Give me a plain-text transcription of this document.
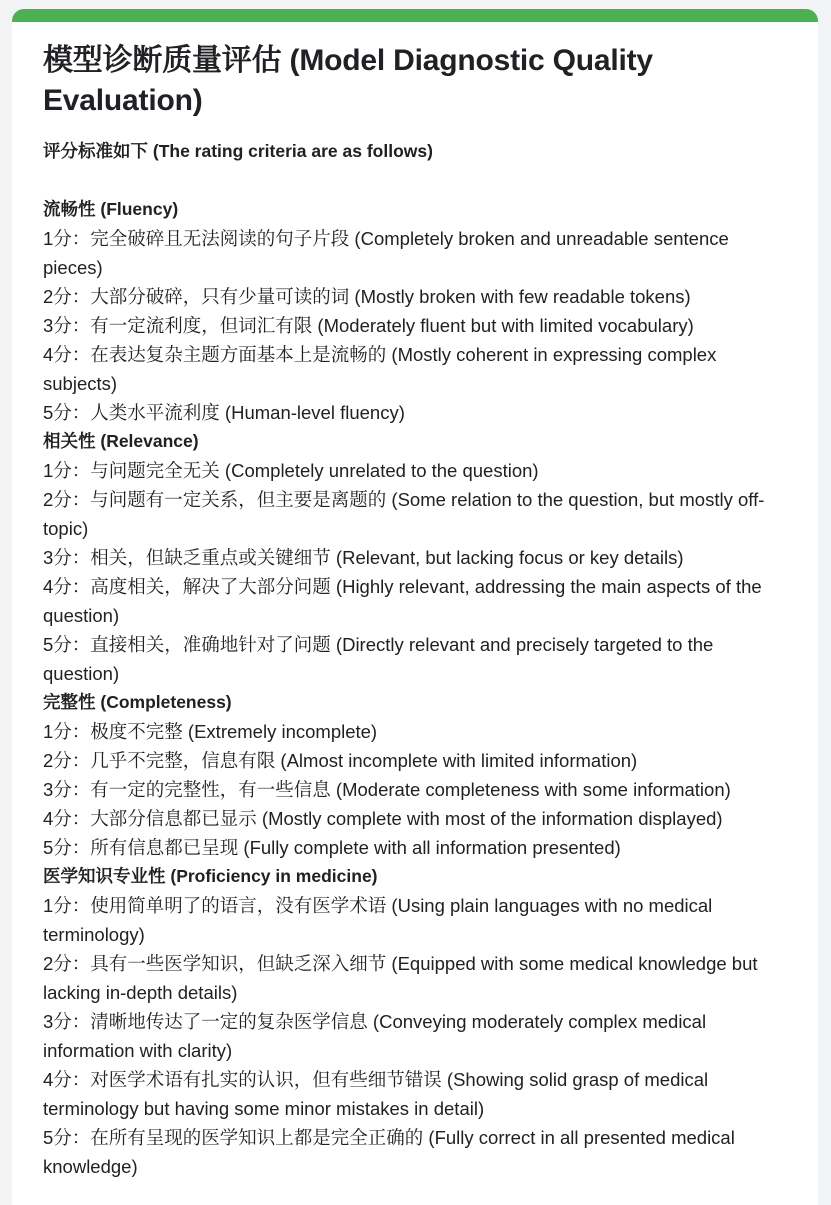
模型诊断质量评估 (Model Diagnostic Quality Evaluation)

评分标准如下 (The rating criteria are as follows)

流畅性 (Fluency)

1分：完全破碎且无法阅读的句子片段 (Completely broken and unreadable sentence pieces)

2分：大部分破碎，只有少量可读的词 (Mostly broken with few readable tokens)

3分：有一定流利度，但词汇有限 (Moderately fluent but with limited vocabulary)

4分：在表达复杂主题方面基本上是流畅的 (Mostly coherent in expressing complex subjects)

5分：人类水平流利度 (Human-level fluency)

相关性 (Relevance)

1分：与问题完全无关 (Completely unrelated to the question)

2分：与问题有一定关系，但主要是离题的 (Some relation to the question, but mostly off-topic)

3分：相关，但缺乏重点或关键细节 (Relevant, but lacking focus or key details)

4分：高度相关，解决了大部分问题 (Highly relevant, addressing the main aspects of the question)

5分：直接相关，准确地针对了问题 (Directly relevant and precisely targeted to the question)

完整性 (Completeness)

1分：极度不完整 (Extremely incomplete)

2分：几乎不完整，信息有限 (Almost incomplete with limited information)

3分：有一定的完整性，有一些信息 (Moderate completeness with some information)

4分：大部分信息都已显示 (Mostly complete with most of the information displayed)

5分：所有信息都已呈现 (Fully complete with all information presented)

医学知识专业性 (Proficiency in medicine)

1分：使用简单明了的语言，没有医学术语 (Using plain languages with no medical terminology)

2分：具有一些医学知识，但缺乏深入细节 (Equipped with some medical knowledge but lacking in-depth details)

3分：清晰地传达了一定的复杂医学信息 (Conveying moderately complex medical information with clarity)

4分：对医学术语有扎实的认识，但有些细节错误 (Showing solid grasp of medical terminology but having some minor mistakes in detail)

5分：在所有呈现的医学知识上都是完全正确的 (Fully correct in all presented medical knowledge)
